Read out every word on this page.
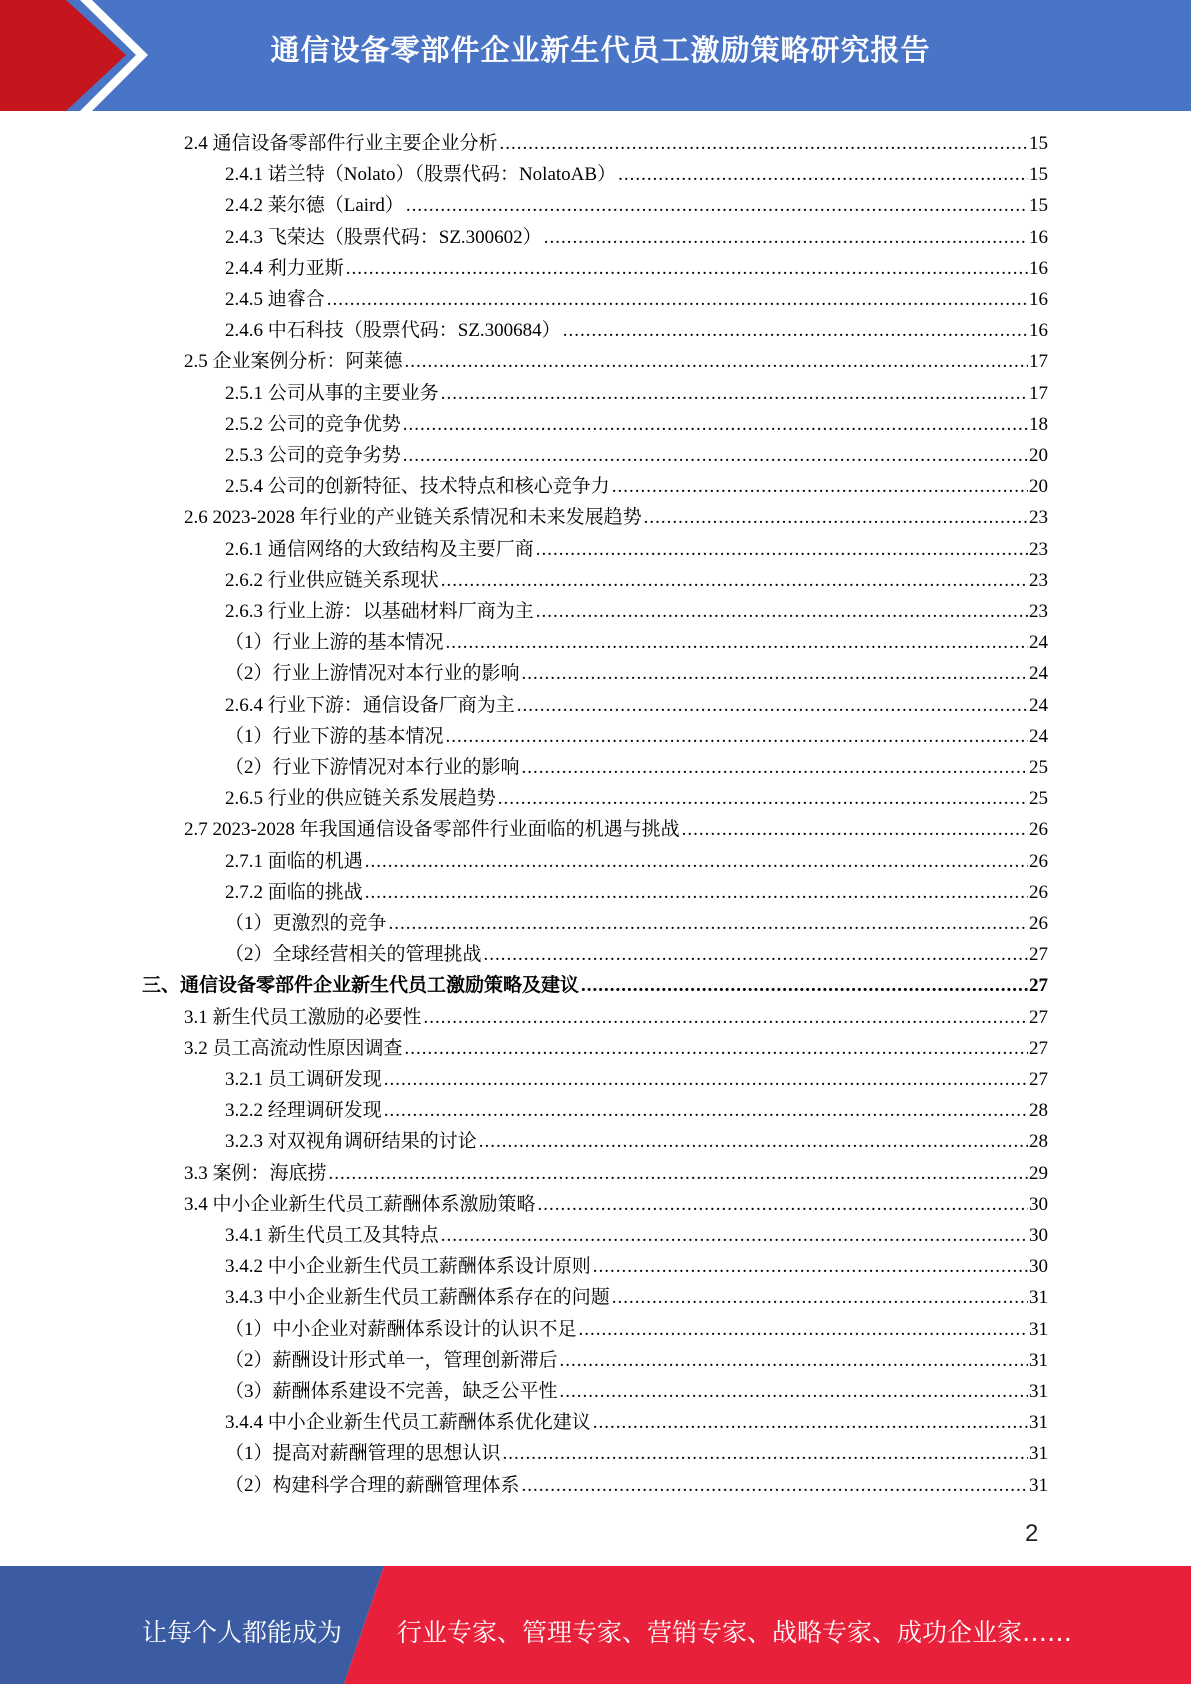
通信设备零部件企业新生代员工激励策略研究报告
2.4 通信设备零部件行业主要企业分析 .....	15
2.4.1 诺兰特（Nolato）（股票代码：NolatoAB） .....	15
2.4.2 莱尔德（Laird） .....	15
2.4.3 飞荣达（股票代码：SZ.300602） .....	16
2.4.4 利力亚斯 .....	16
2.4.5 迪睿合 .....	16
2.4.6 中石科技（股票代码：SZ.300684） .....	16
2.5 企业案例分析：阿莱德 .....	17
2.5.1 公司从事的主要业务 .....	17
2.5.2 公司的竞争优势 .....	18
2.5.3 公司的竞争劣势 .....	20
2.5.4 公司的创新特征、技术特点和核心竞争力 .....	20
2.6 2023-2028 年行业的产业链关系情况和未来发展趋势 .....	23
2.6.1 通信网络的大致结构及主要厂商 .....	23
2.6.2 行业供应链关系现状 .....	23
2.6.3 行业上游：以基础材料厂商为主 .....	23
（1）行业上游的基本情况 .....	24
（2）行业上游情况对本行业的影响 .....	24
2.6.4 行业下游：通信设备厂商为主 .....	24
（1）行业下游的基本情况 .....	24
（2）行业下游情况对本行业的影响 .....	25
2.6.5 行业的供应链关系发展趋势 .....	25
2.7 2023-2028 年我国通信设备零部件行业面临的机遇与挑战 .....	26
2.7.1 面临的机遇 .....	26
2.7.2 面临的挑战 .....	26
（1）更激烈的竞争 .....	26
（2）全球经营相关的管理挑战 .....	27
三、通信设备零部件企业新生代员工激励策略及建议 .....	27
3.1 新生代员工激励的必要性 .....	27
3.2 员工高流动性原因调查 .....	27
3.2.1 员工调研发现 .....	27
3.2.2 经理调研发现 .....	28
3.2.3 对双视角调研结果的讨论 .....	28
3.3 案例：海底捞 .....	29
3.4 中小企业新生代员工薪酬体系激励策略 .....	30
3.4.1 新生代员工及其特点 .....	30
3.4.2 中小企业新生代员工薪酬体系设计原则 .....	30
3.4.3 中小企业新生代员工薪酬体系存在的问题 .....	31
（1）中小企业对薪酬体系设计的认识不足 .....	31
（2）薪酬设计形式单一，管理创新滞后 .....	31
（3）薪酬体系建设不完善，缺乏公平性 .....	31
3.4.4 中小企业新生代员工薪酬体系优化建议 .....	31
（1）提高对薪酬管理的思想认识 .....	31
（2）构建科学合理的薪酬管理体系 .....	31
2
让每个人都能成为 行业专家、管理专家、营销专家、战略专家、成功企业家……
